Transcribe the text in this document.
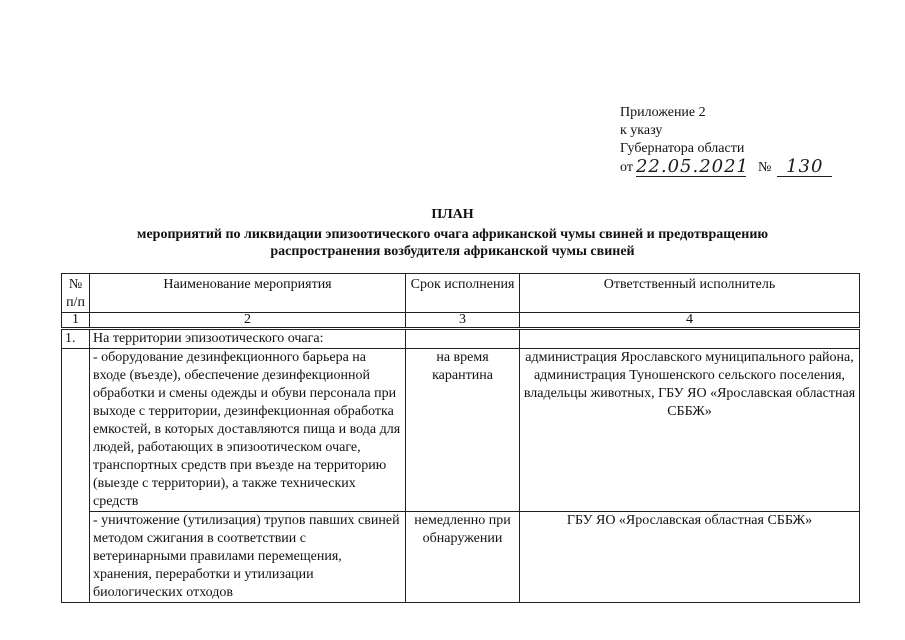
Приложение 2
к указу
Губернатора области
от 22.05.2021 № 130
ПЛАН
мероприятий по ликвидации эпизоотического очага африканской чумы свиней и предотвращению
распространения возбудителя африканской чумы свиней
№ п/п	Наименование мероприятия	Срок исполнения	Ответственный исполнитель
1	2	3	4
1.	На территории эпизоотического очага:		
	- оборудование дезинфекционного барьера на входе (въезде), обеспечение дезинфекционной обработки и смены одежды и обуви персонала при выходе с территории, дезинфекционная обработка емкостей, в которых доставляются пища и вода для людей, работающих в эпизоотическом очаге, транспортных средств при въезде на территорию (выезде с территории), а также технических средств	на время карантина	администрация Ярославского муниципального района, администрация Туношенского сельского поселения, владельцы животных, ГБУ ЯО «Ярославская областная СББЖ»
	- уничтожение (утилизация) трупов павших свиней методом сжигания в соответствии с ветеринарными правилами перемещения, хранения, переработки и утилизации биологических отходов	немедленно при обнаружении	ГБУ ЯО «Ярославская областная СББЖ»
